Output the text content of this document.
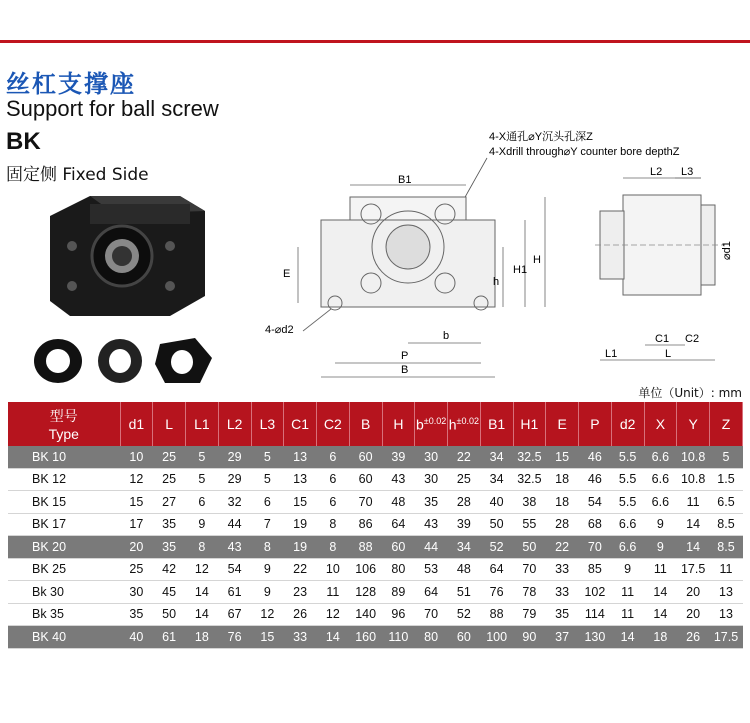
丝杠支撑座
Support for ball screw
BK
固定侧 Fixed Side
4-X通孔⌀Y沉头孔深Z
4-Xdrill through⌀Y counter bore depthZ
B1
E
h
H1
H
4-⌀d2	b
P
B
L2 L3
⌀d1
C1 C2
L1	L
单位（Unit）: mm
型号
Type	d1	L	L1	L2	L3	C1	C2	B	H	$b^{\pm 0.02}$	$h^{\pm 0.02}$	B1	H1	E	P	d2	X	Y	Z
BK 10	10	25	5	29	5	13	6	60	39	30	22	34	32.5	15	46	5.5	6.6	10.8	5
BK 12	12	25	5	29	5	13	6	60	43	30	25	34	32.5	18	46	5.5	6.6	10.8	1.5
BK 15	15	27	6	32	6	15	6	70	48	35	28	40	38	18	54	5.5	6.6	11	6.5
BK 17	17	35	9	44	7	19	8	86	64	43	39	50	55	28	68	6.6	9	14	8.5
BK 20	20	35	8	43	8	19	8	88	60	44	34	52	50	22	70	6.6	9	14	8.5
BK 25	25	42	12	54	9	22	10	106	80	53	48	64	70	33	85	9	11	17.5	11
Bk 30	30	45	14	61	9	23	11	128	89	64	51	76	78	33	102	11	14	20	13
Bk 35	35	50	14	67	12	26	12	140	96	70	52	88	79	35	114	11	14	20	13
BK 40	40	61	18	76	15	33	14	160	110	80	60	100	90	37	130	14	18	26	17.5
